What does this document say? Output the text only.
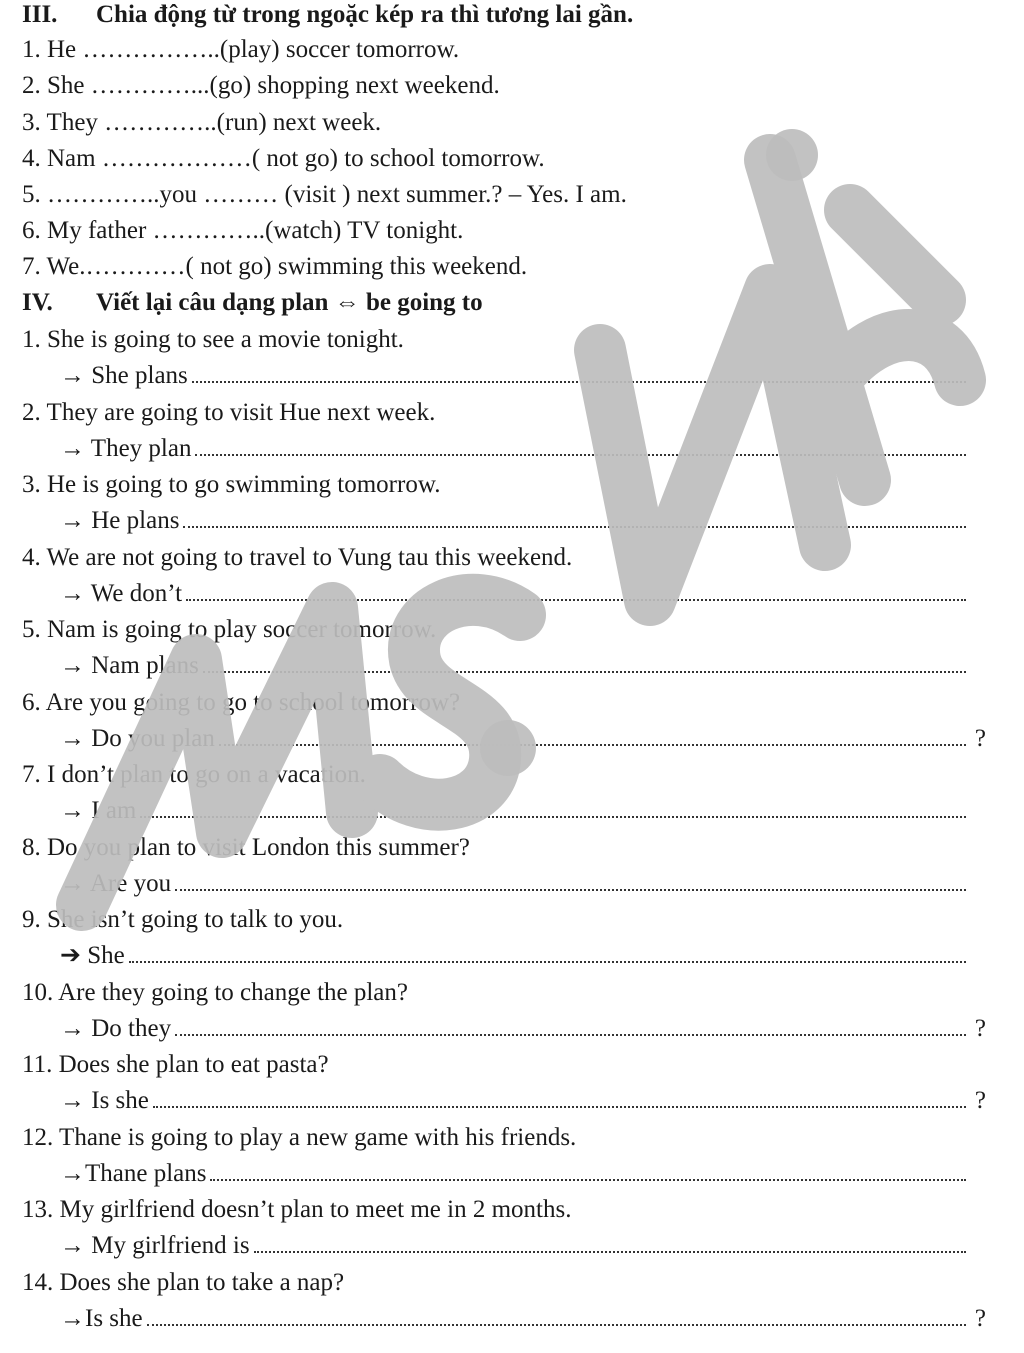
III. Chia động từ trong ngoặc kép ra thì tương lai gần.
1. He ……………..(play) soccer tomorrow.
2. She …………...(go) shopping next weekend.
3. They …………..(run) next week.
4. Nam ………………( not go) to school tomorrow.
5. …………..you ……… (visit ) next summer.? – Yes. I am.
6. My father …………..(watch) TV tonight.
7. We.…………( not go) swimming this weekend.
IV. Viết lại câu dạng plan ⇔ be going to
1. She is going to see a movie tonight.
→ She plans
2. They are going to visit Hue next week.
→ They plan
3. He is going to go swimming tomorrow.
→ He plans
4. We are not going to travel to Vung tau this weekend.
→ We don’t
5. Nam is going to play soccer tomorrow.
→ Nam plans
6. Are you going to go to school tomorrow?
→ Do you plan	?
7. I don’t plan to go on a vacation.
→ I am
8. Do you plan to visit London this summer?
→ Are you
9. She isn’t going to talk to you.
➔ She
10. Are they going to change the plan?
→ Do they	?
11. Does she plan to eat pasta?
→ Is she	?
12. Thane is going to play a new game with his friends.
→Thane plans
13. My girlfriend doesn’t plan to meet me in 2 months.
→ My girlfriend is
14. Does she plan to take a nap?
→Is she	?
